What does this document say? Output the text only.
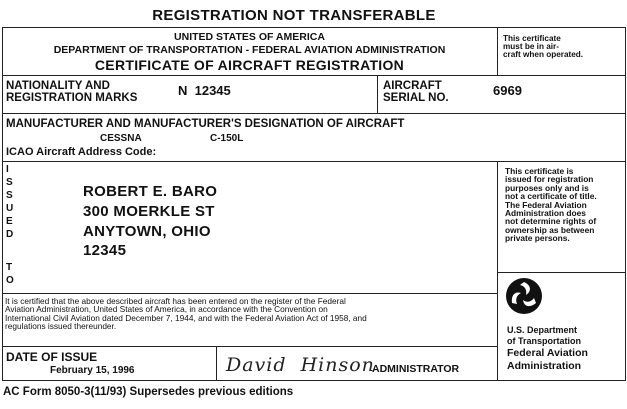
REGISTRATION NOT TRANSFERABLE
UNITED STATES OF AMERICA
DEPARTMENT OF TRANSPORTATION - FEDERAL AVIATION ADMINISTRATION
CERTIFICATE OF AIRCRAFT REGISTRATION
This certificate
must be in air-
craft when operated.
NATIONALITY AND
REGISTRATION MARKS	N  12345	AIRCRAFT
SERIAL NO.	6969
MANUFACTURER AND MANUFACTURER'S DESIGNATION OF AIRCRAFT
CESSNA	C-150L
ICAO Aircraft Address Code:
I
S
S
U
E
D
T
O
ROBERT E. BARO
300 MOERKLE ST
ANYTOWN, OHIO
12345
This certificate is
issued for registration
purposes only and is
not a certificate of title.
The Federal Aviation
Administration does
not determine rights of
ownership as between
private persons.
It is certified that the above described aircraft has been entered on the register of the Federal
Aviation Administration, United States of America, in accordance with the Convention on
International Civil Aviation dated December 7, 1944, and with the Federal Aviation Act of 1958, and
regulations issued thereunder.	U.S. Department
of Transportation
Federal Aviation
Administration
DATE OF ISSUE
February 15, 1996	David  Hinson
ADMINISTRATOR
AC Form 8050-3(11/93) Supersedes previous editions
